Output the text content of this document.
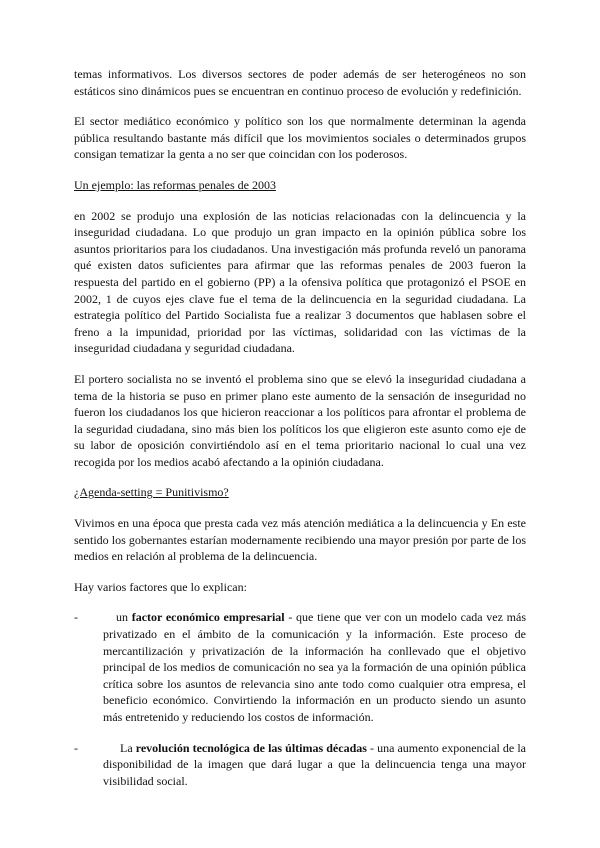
temas informativos. Los diversos sectores de poder además de ser heterogéneos no son estáticos sino dinámicos pues se encuentran en continuo proceso de evolución y redefinición.

El sector mediático económico y político son los que normalmente determinan la agenda pública resultando bastante más difícil que los movimientos sociales o determinados grupos consigan tematizar la genta a no ser que coincidan con los poderosos.

Un ejemplo: las reformas penales de 2003

en 2002 se produjo una explosión de las noticias relacionadas con la delincuencia y la inseguridad ciudadana. Lo que produjo un gran impacto en la opinión pública sobre los asuntos prioritarios para los ciudadanos. Una investigación más profunda reveló un panorama qué existen datos suficientes para afirmar que las reformas penales de 2003 fueron la respuesta del partido en el gobierno (PP) a la ofensiva política que protagonizó el PSOE en 2002, 1 de cuyos ejes clave fue el tema de la delincuencia en la seguridad ciudadana. La estrategia político del Partido Socialista fue a realizar 3 documentos que hablasen sobre el freno a la impunidad, prioridad por las víctimas, solidaridad con las víctimas de la inseguridad ciudadana y seguridad ciudadana.

El portero socialista no se inventó el problema sino que se elevó la inseguridad ciudadana a tema de la historia se puso en primer plano este aumento de la sensación de inseguridad no fueron los ciudadanos los que hicieron reaccionar a los políticos para afrontar el problema de la seguridad ciudadana, sino más bien los políticos los que eligieron este asunto como eje de su labor de oposición convirtiéndolo así en el tema prioritario nacional lo cual una vez recogida por los medios acabó afectando a la opinión ciudadana.

¿Agenda-setting = Punitivismo?

Vivimos en una época que presta cada vez más atención mediática a la delincuencia y En este sentido los gobernantes estarían modernamente recibiendo una mayor presión por parte de los medios en relación al problema de la delincuencia.

Hay varios factores que lo explican:

-	un factor económico empresarial - que tiene que ver con un modelo cada vez más privatizado en el ámbito de la comunicación y la información. Este proceso de mercantilización y privatización de la información ha conllevado que el objetivo principal de los medios de comunicación no sea ya la formación de una opinión pública crítica sobre los asuntos de relevancia sino ante todo como cualquier otra empresa, el beneficio económico. Convirtiendo la información en un producto siendo un asunto más entretenido y reduciendo los costos de información.
-	La revolución tecnológica de las últimas décadas - una aumento exponencial de la disponibilidad de la imagen que dará lugar a que la delincuencia tenga una mayor visibilidad social.
